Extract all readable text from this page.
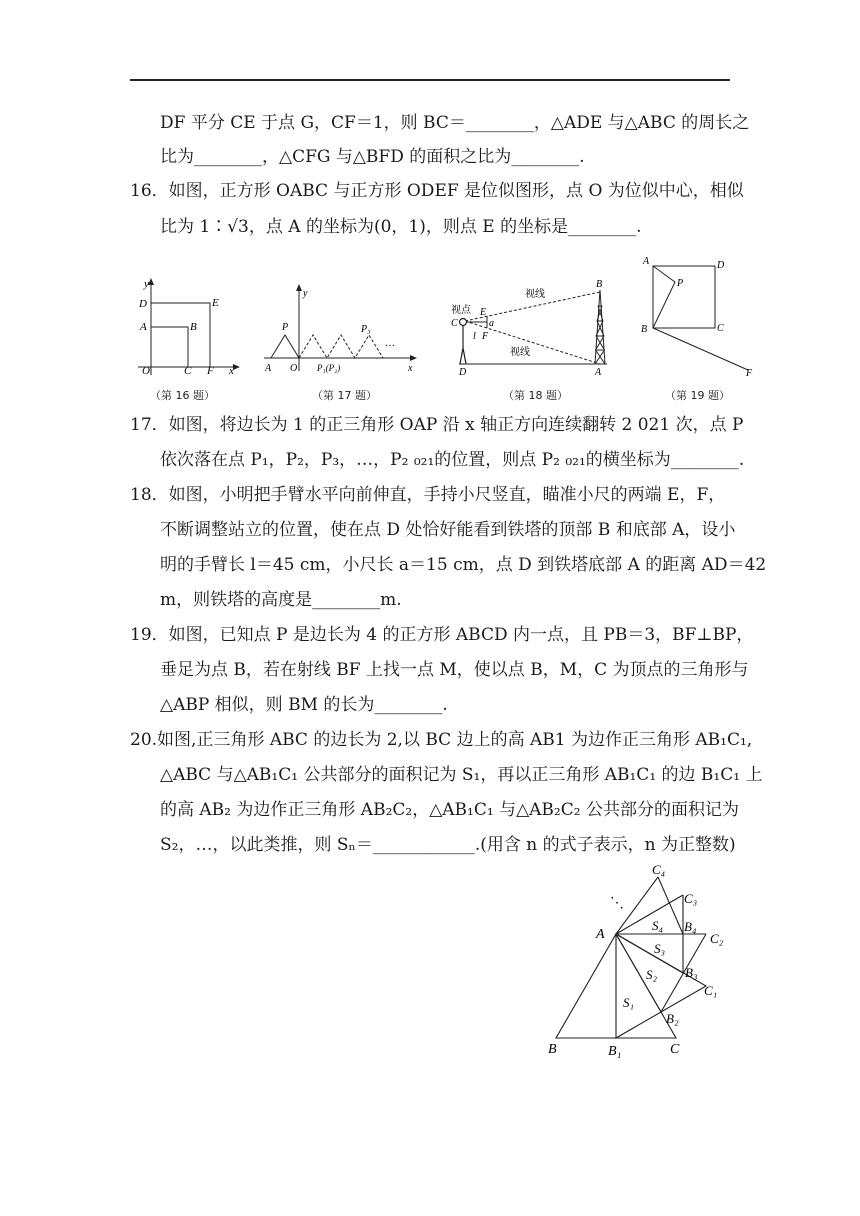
DF 平分 CE 于点 G，CF＝1，则 BC＝________，△ADE 与△ABC 的周长之
比为________，△CFG 与△BFD 的面积之比为________.
16．如图，正方形 OABC 与正方形 ODEF 是位似图形，点 O 为位似中心，相似
比为 1∶√3，点 A 的坐标为(0，1)，则点 E 的坐标是________.
y
D	E
A	B
O	C F x
（第 16 题）
y
P	P₃
…
A O P₁(P₂)	x
（第 17 题）
B
视线
视点
C
E
a
l F
视线
D	A
（第 18 题）
A	D
P
B	C
F
（第 19 题）
17．如图，将边长为 1 的正三角形 OAP 沿 x 轴正方向连续翻转 2 021 次，点 P
依次落在点 P₁，P₂，P₃，…，P₂ ₀₂₁的位置，则点 P₂ ₀₂₁的横坐标为________.
18．如图，小明把手臂水平向前伸直，手持小尺竖直，瞄准小尺的两端 E，F，
不断调整站立的位置，使在点 D 处恰好能看到铁塔的顶部 B 和底部 A，设小
明的手臂长 l＝45 cm，小尺长 a＝15 cm，点 D 到铁塔底部 A 的距离 AD＝42
m，则铁塔的高度是________m.
19．如图，已知点 P 是边长为 4 的正方形 ABCD 内一点，且 PB＝3，BF⊥BP，
垂足为点 B，若在射线 BF 上找一点 M，使以点 B，M，C 为顶点的三角形与
△ABP 相似，则 BM 的长为________.
20.如图,正三角形 ABC 的边长为 2,以 BC 边上的高 AB1 为边作正三角形 AB₁C₁,
△ABC 与△AB₁C₁ 公共部分的面积记为 S₁，再以正三角形 AB₁C₁ 的边 B₁C₁ 上
的高 AB₂ 为边作正三角形 AB₂C₂，△AB₁C₁ 与△AB₂C₂ 公共部分的面积记为
S₂，…，以此类推，则 Sₙ＝____________.(用含 n 的式子表示，n 为正整数)
C₄
C₃
⋱
A
S₄ B₄
C₂
S₃
B₃
S₂
C₁
S₁
B₂
B	B₁	C
